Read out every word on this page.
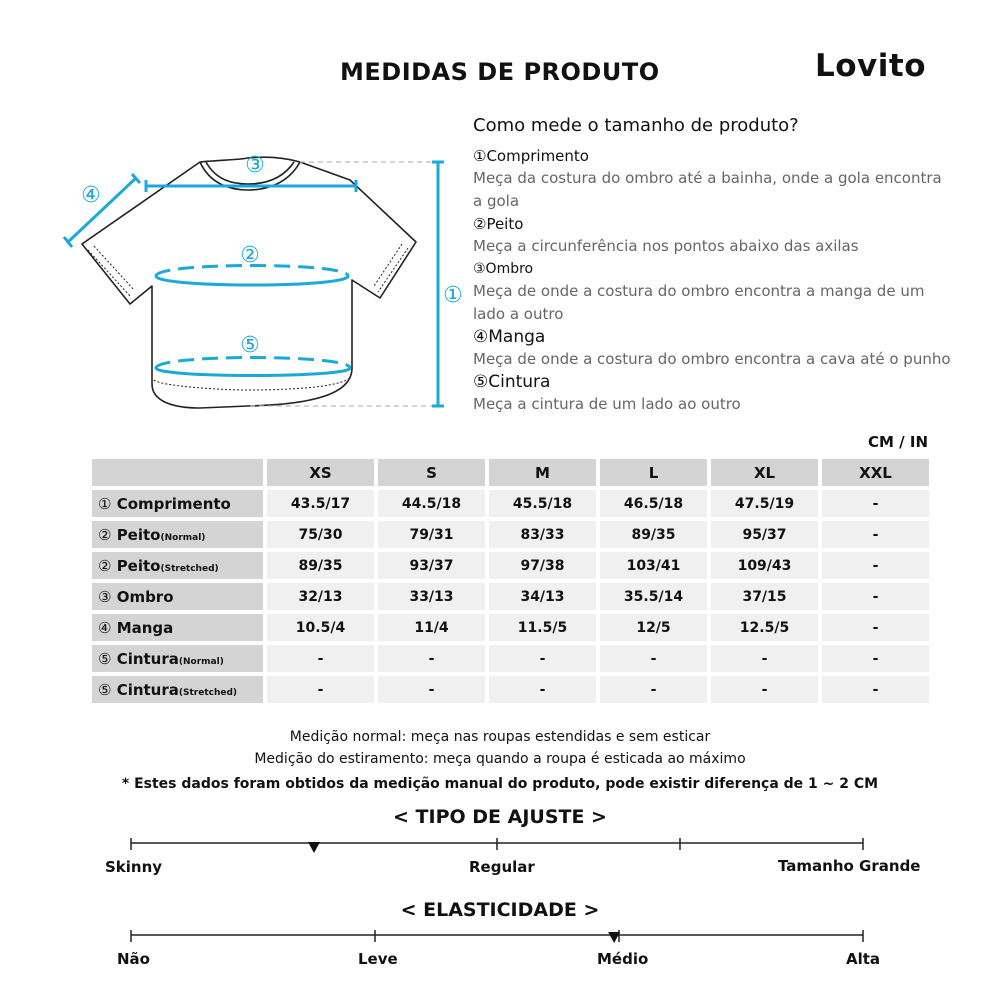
MEDIDAS DE PRODUTO	Lovito
①
②
③
④
⑤
Como mede o tamanho de produto?
①Comprimento
Meça da costura do ombro até a bainha, onde a gola encontra a gola
②Peito
Meça a circunferência nos pontos abaixo das axilas
③Ombro
Meça de onde a costura do ombro encontra a manga de um lado a outro
④Manga
Meça de onde a costura do ombro encontra a cava até o punho
⑤Cintura
Meça a cintura de um lado ao outro
CM / IN
	XS	S	M	L	XL	XXL
① Comprimento	43.5/17	44.5/18	45.5/18	46.5/18	47.5/19	-
② Peito(Normal)	75/30	79/31	83/33	89/35	95/37	-
② Peito(Stretched)	89/35	93/37	97/38	103/41	109/43	-
③ Ombro	32/13	33/13	34/13	35.5/14	37/15	-
④ Manga	10.5/4	11/4	11.5/5	12/5	12.5/5	-
⑤ Cintura(Normal)	-	-	-	-	-	-
⑤ Cintura(Stretched)	-	-	-	-	-	-

Medição normal: meça nas roupas estendidas e sem esticar

Medição do estiramento: meça quando a roupa é esticada ao máximo

* Estes dados foram obtidos da medição manual do produto, pode existir diferença de 1 ~ 2 CM

< TIPO DE AJUSTE >
Skinny	Regular	Tamanho Grande
< ELASTICIDADE >
Não	Leve	Médio	Alta
